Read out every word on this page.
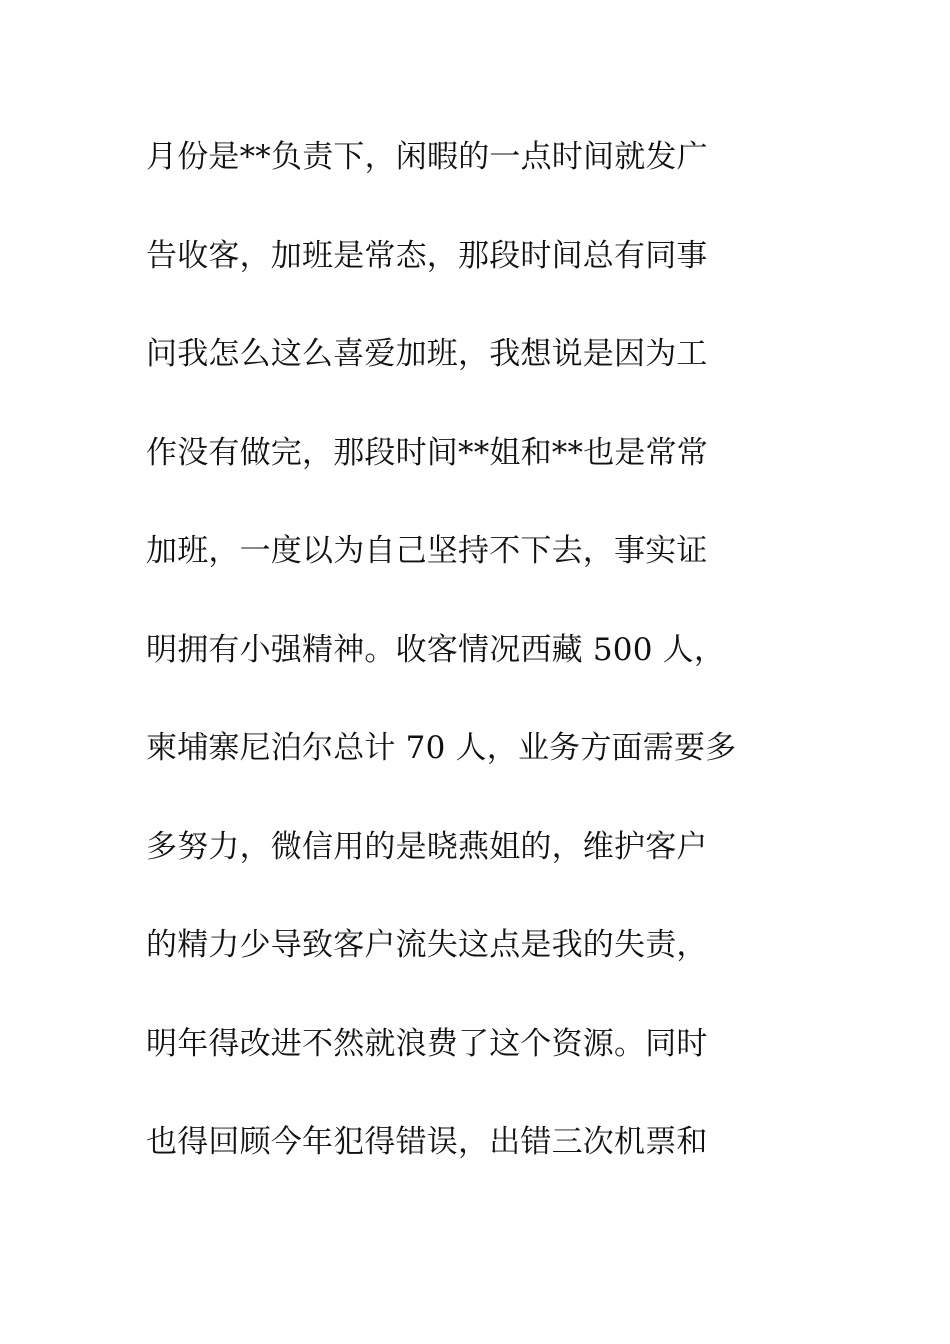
月份是**负责下，闲暇的一点时间就发广
告收客，加班是常态，那段时间总有同事
问我怎么这么喜爱加班，我想说是因为工
作没有做完，那段时间**姐和**也是常常
加班，一度以为自己坚持不下去，事实证
明拥有小强精神。收客情况西藏 500 人，
柬埔寨尼泊尔总计 70 人，业务方面需要多
多努力，微信用的是晓燕姐的，维护客户
的精力少导致客户流失这点是我的失责，
明年得改进不然就浪费了这个资源。同时
也得回顾今年犯得错误，出错三次机票和
